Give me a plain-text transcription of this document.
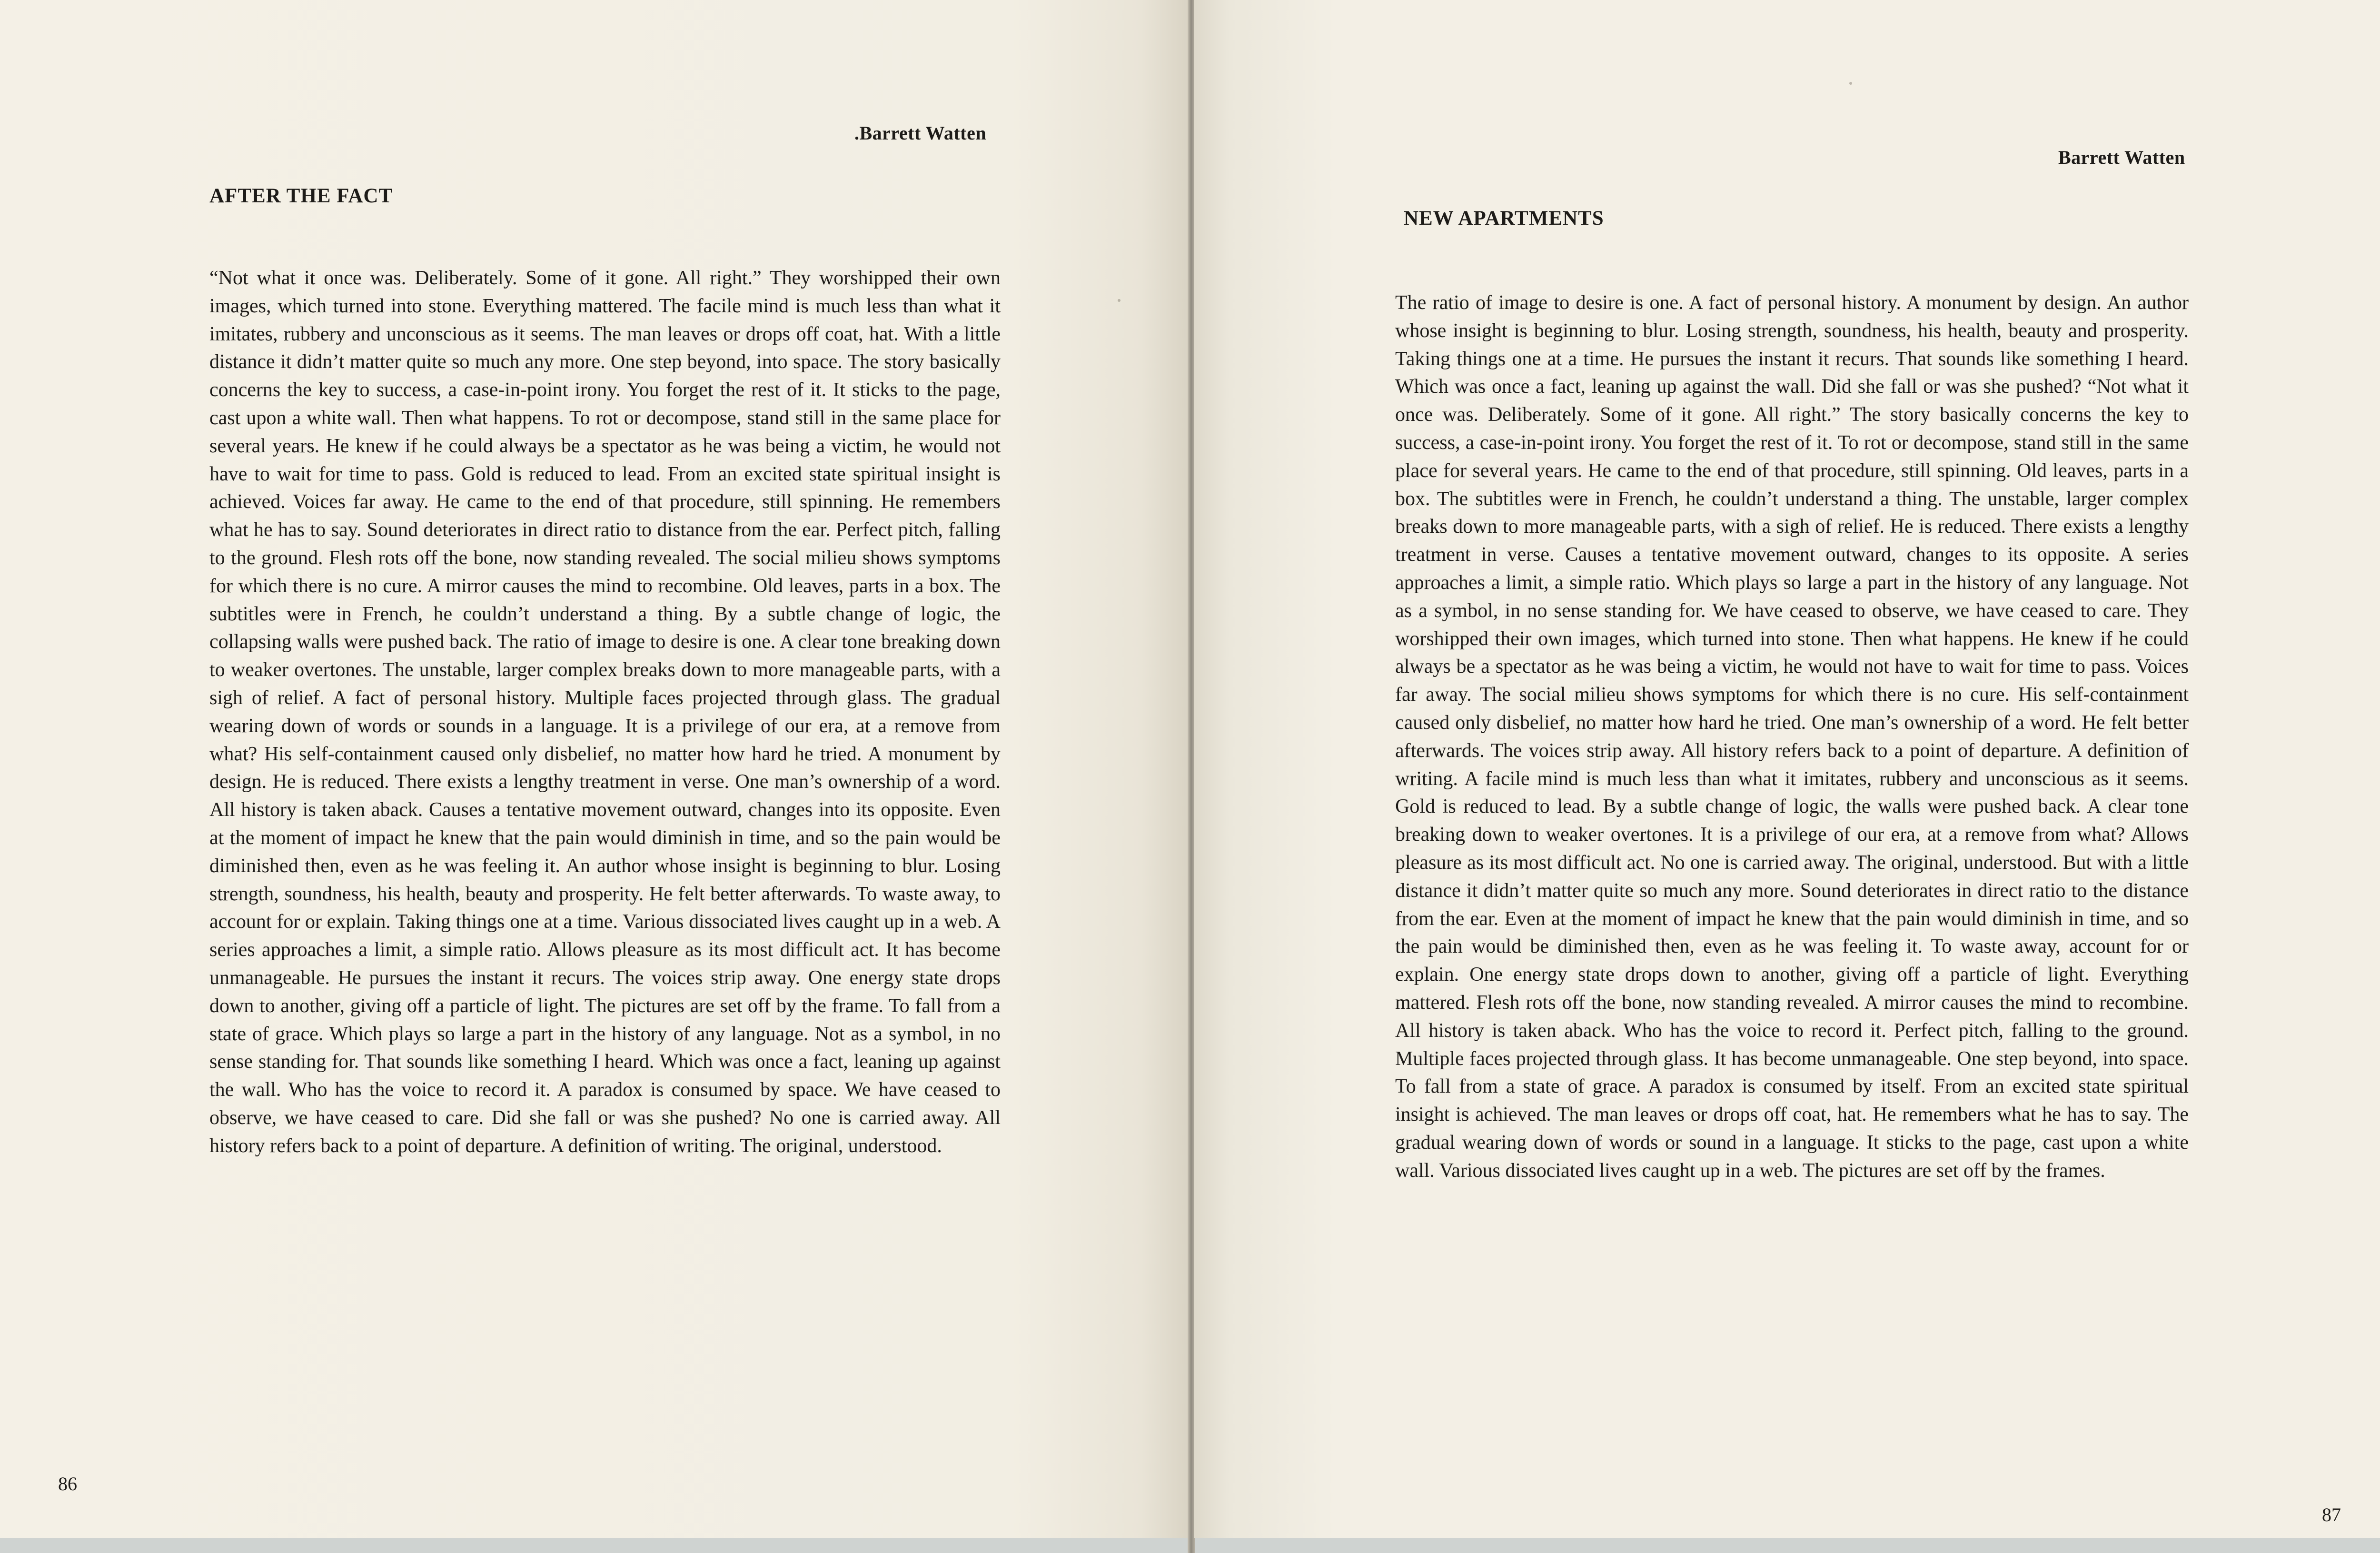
.Barrett Watten
AFTER THE FACT

“Not what it once was. Deliberately. Some of it gone. All right.” They worshipped their own images, which turned into stone. Everything mattered. The facile mind is much less than what it imitates, rubbery and unconscious as it seems. The man leaves or drops off coat, hat. With a little distance it didn’t matter quite so much any more. One step beyond, into space. The story basically concerns the key to success, a case-in-point irony. You forget the rest of it. It sticks to the page, cast upon a white wall. Then what happens. To rot or decompose, stand still in the same place for several years. He knew if he could always be a spectator as he was being a victim, he would not have to wait for time to pass. Gold is reduced to lead. From an excited state spiritual insight is achieved. Voices far away. He came to the end of that procedure, still spinning. He remembers what he has to say. Sound deteriorates in direct ratio to distance from the ear. Perfect pitch, falling to the ground. Flesh rots off the bone, now standing revealed. The social milieu shows symptoms for which there is no cure. A mirror causes the mind to recombine. Old leaves, parts in a box. The subtitles were in French, he couldn’t understand a thing. By a subtle change of logic, the collapsing walls were pushed back. The ratio of image to desire is one. A clear tone breaking down to weaker overtones. The unstable, larger complex breaks down to more manageable parts, with a sigh of relief. A fact of personal history. Multiple faces projected through glass. The gradual wearing down of words or sounds in a language. It is a privilege of our era, at a remove from what? His self-containment caused only disbelief, no matter how hard he tried. A monument by design. He is reduced. There exists a lengthy treatment in verse. One man’s ownership of a word. All history is taken aback. Causes a tentative movement outward, changes into its opposite. Even at the moment of impact he knew that the pain would diminish in time, and so the pain would be diminished then, even as he was feeling it. An author whose insight is beginning to blur. Losing strength, soundness, his health, beauty and prosperity. He felt better afterwards. To waste away, to account for or explain. Taking things one at a time. Various dissociated lives caught up in a web. A series approaches a limit, a simple ratio. Allows pleasure as its most difficult act. It has become unmanageable. He pursues the instant it recurs. The voices strip away. One energy state drops down to another, giving off a particle of light. The pictures are set off by the frame. To fall from a state of grace. Which plays so large a part in the history of any language. Not as a symbol, in no sense standing for. That sounds like something I heard. Which was once a fact, leaning up against the wall. Who has the voice to record it. A paradox is consumed by space. We have ceased to observe, we have ceased to care. Did she fall or was she pushed? No one is carried away. All history refers back to a point of departure. A definition of writing. The original, understood.

86
Barrett Watten
NEW APARTMENTS

The ratio of image to desire is one. A fact of personal history. A monument by design. An author whose insight is beginning to blur. Losing strength, soundness, his health, beauty and prosperity. Taking things one at a time. He pursues the instant it recurs. That sounds like something I heard. Which was once a fact, leaning up against the wall. Did she fall or was she pushed? “Not what it once was. Deliberately. Some of it gone. All right.” The story basically concerns the key to success, a case-in-point irony. You forget the rest of it. To rot or decompose, stand still in the same place for several years. He came to the end of that procedure, still spinning. Old leaves, parts in a box. The subtitles were in French, he couldn’t understand a thing. The unstable, larger complex breaks down to more manageable parts, with a sigh of relief. He is reduced. There exists a lengthy treatment in verse. Causes a tentative movement outward, changes to its opposite. A series approaches a limit, a simple ratio. Which plays so large a part in the history of any language. Not as a symbol, in no sense standing for. We have ceased to observe, we have ceased to care. They worshipped their own images, which turned into stone. Then what happens. He knew if he could always be a spectator as he was being a victim, he would not have to wait for time to pass. Voices far away. The social milieu shows symptoms for which there is no cure. His self-containment caused only disbelief, no matter how hard he tried. One man’s ownership of a word. He felt better afterwards. The voices strip away. All history refers back to a point of departure. A definition of writing. A facile mind is much less than what it imitates, rubbery and unconscious as it seems. Gold is reduced to lead. By a subtle change of logic, the walls were pushed back. A clear tone breaking down to weaker overtones. It is a privilege of our era, at a remove from what? Allows pleasure as its most difficult act. No one is carried away. The original, understood. But with a little distance it didn’t matter quite so much any more. Sound deteriorates in direct ratio to the distance from the ear. Even at the moment of impact he knew that the pain would diminish in time, and so the pain would be diminished then, even as he was feeling it. To waste away, account for or explain. One energy state drops down to another, giving off a particle of light. Everything mattered. Flesh rots off the bone, now standing revealed. A mirror causes the mind to recombine. All history is taken aback. Who has the voice to record it. Perfect pitch, falling to the ground. Multiple faces projected through glass. It has become unmanageable. One step beyond, into space. To fall from a state of grace. A paradox is consumed by itself. From an excited state spiritual insight is achieved. The man leaves or drops off coat, hat. He remembers what he has to say. The gradual wearing down of words or sound in a language. It sticks to the page, cast upon a white wall. Various dissociated lives caught up in a web. The pictures are set off by the frames.

87
